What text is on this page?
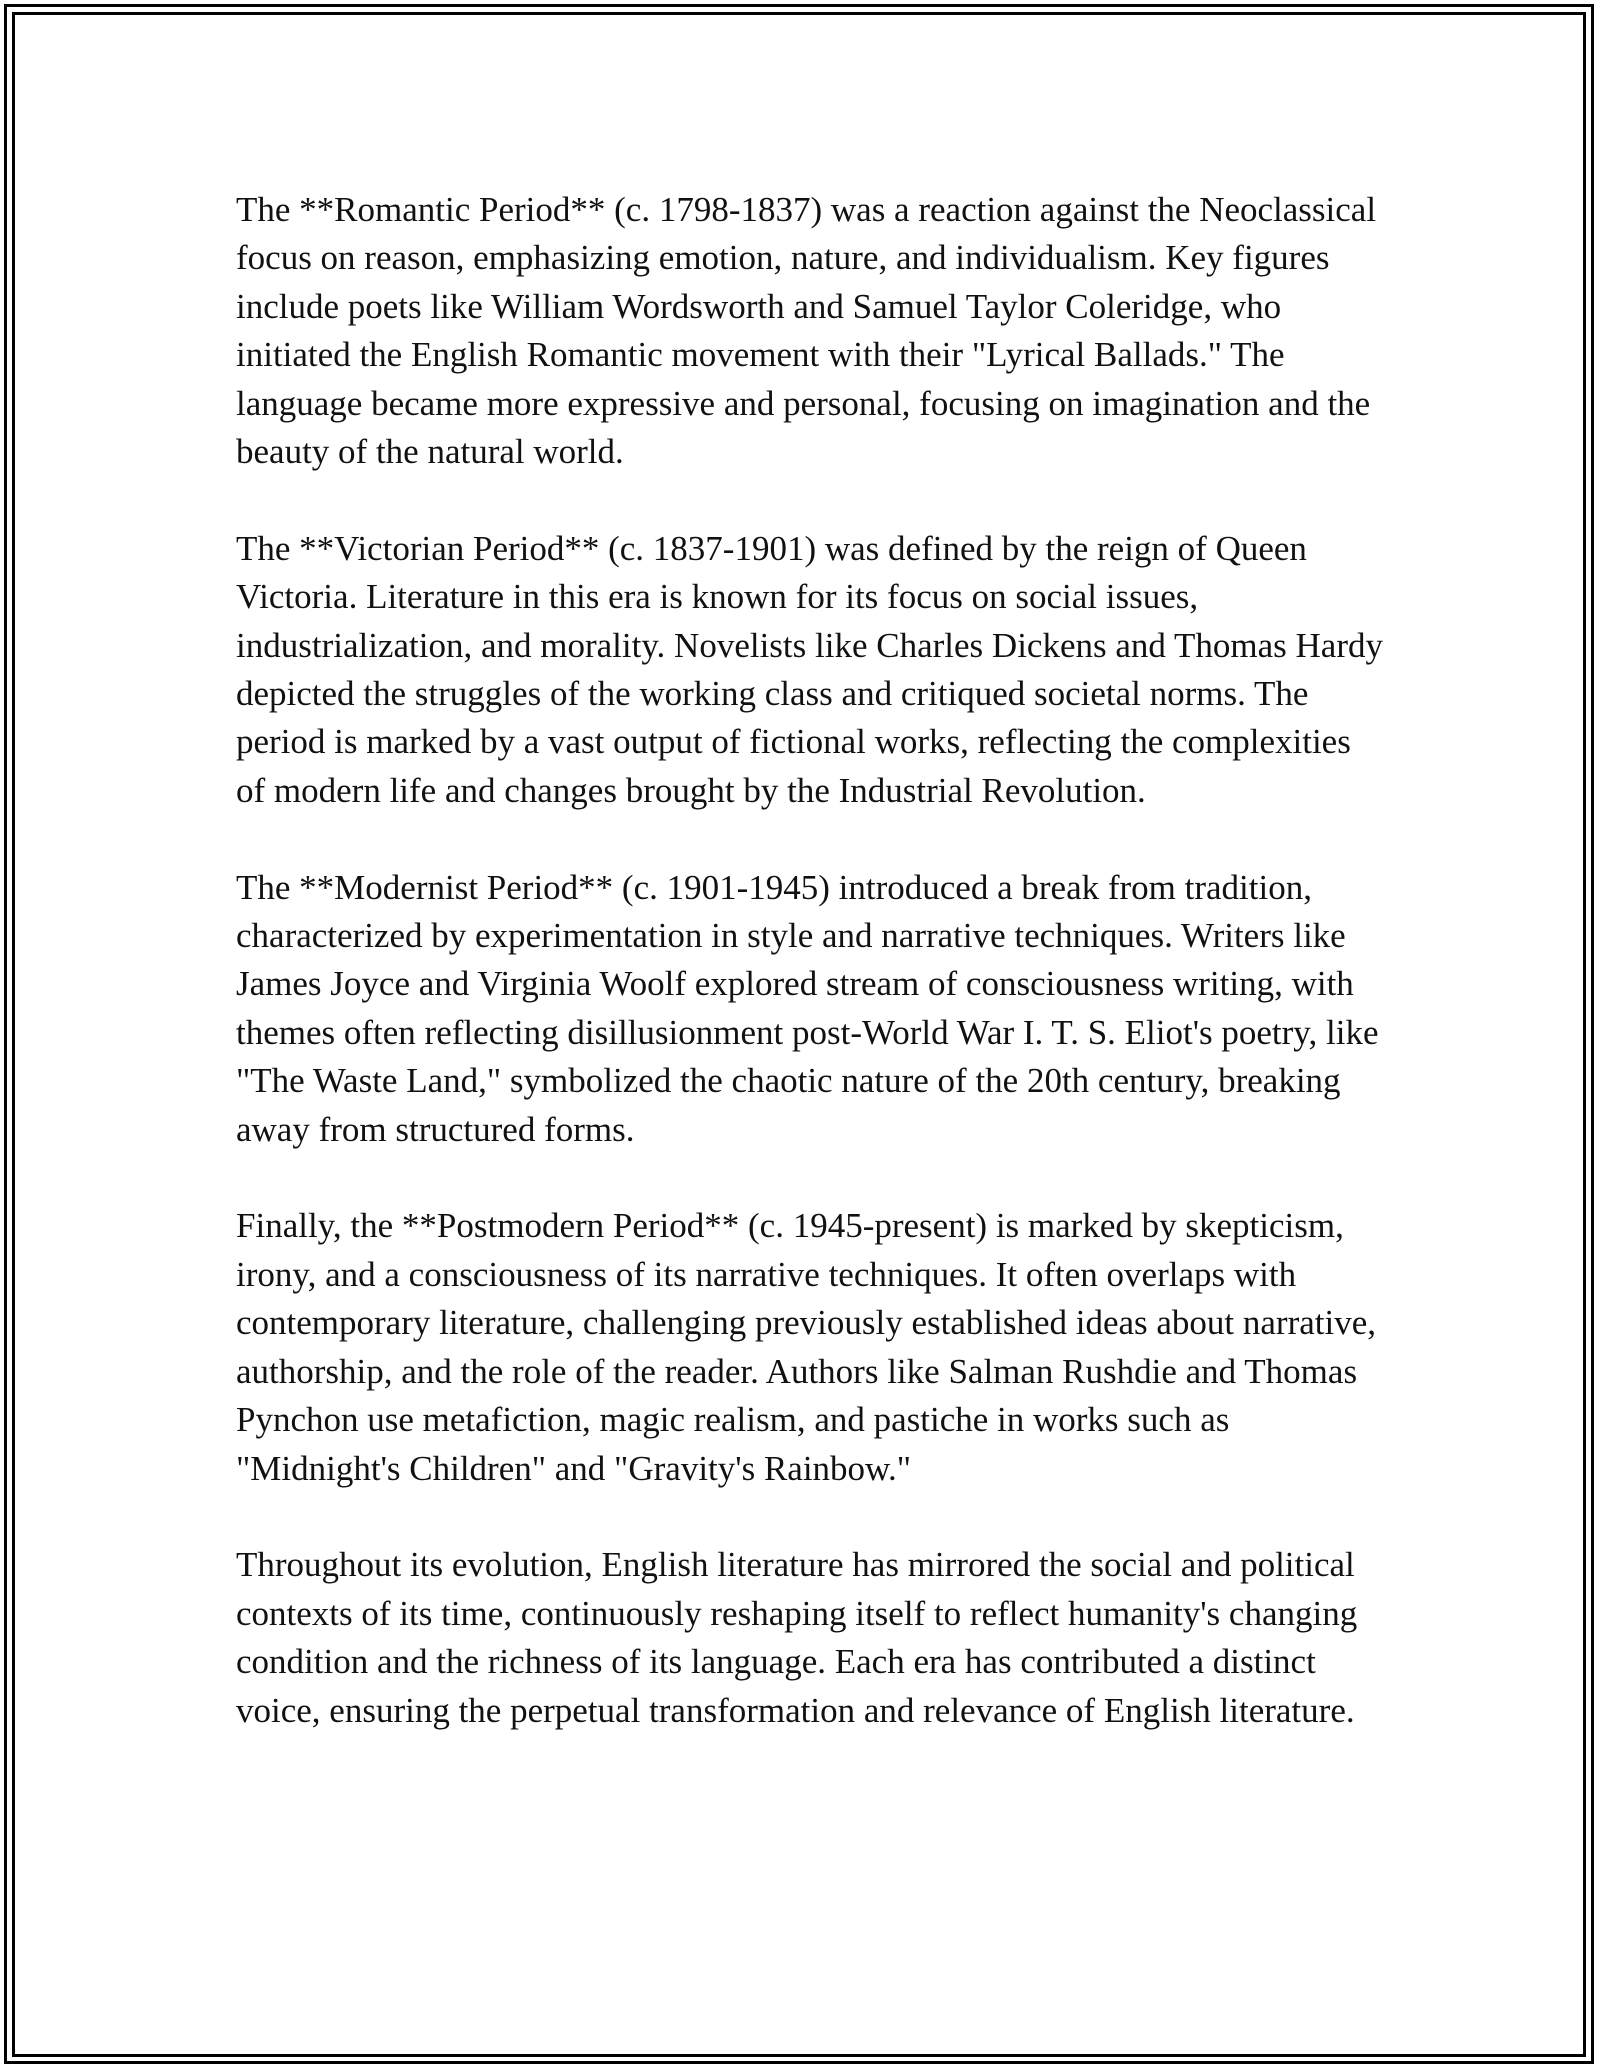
The **Romantic Period** (c. 1798-1837) was a reaction against the Neoclassical focus on reason, emphasizing emotion, nature, and individualism. Key figures include poets like William Wordsworth and Samuel Taylor Coleridge, who initiated the English Romantic movement with their "Lyrical Ballads." The language became more expressive and personal, focusing on imagination and the beauty of the natural world.

The **Victorian Period** (c. 1837-1901) was defined by the reign of Queen Victoria. Literature in this era is known for its focus on social issues, industrialization, and morality. Novelists like Charles Dickens and Thomas Hardy depicted the struggles of the working class and critiqued societal norms. The period is marked by a vast output of fictional works, reflecting the complexities of modern life and changes brought by the Industrial Revolution.

The **Modernist Period** (c. 1901-1945) introduced a break from tradition, characterized by experimentation in style and narrative techniques. Writers like James Joyce and Virginia Woolf explored stream of consciousness writing, with themes often reflecting disillusionment post-World War I. T. S. Eliot's poetry, like "The Waste Land," symbolized the chaotic nature of the 20th century, breaking away from structured forms.

Finally, the **Postmodern Period** (c. 1945-present) is marked by skepticism, irony, and a consciousness of its narrative techniques. It often overlaps with contemporary literature, challenging previously established ideas about narrative, authorship, and the role of the reader. Authors like Salman Rushdie and Thomas Pynchon use metafiction, magic realism, and pastiche in works such as "Midnight's Children" and "Gravity's Rainbow."

Throughout its evolution, English literature has mirrored the social and political contexts of its time, continuously reshaping itself to reflect humanity's changing condition and the richness of its language. Each era has contributed a distinct voice, ensuring the perpetual transformation and relevance of English literature.
